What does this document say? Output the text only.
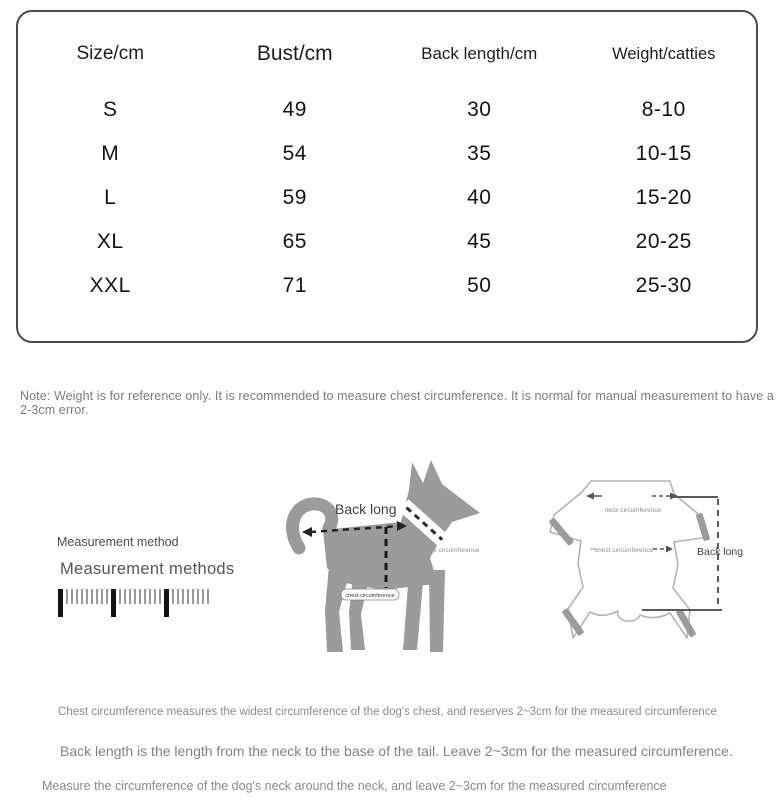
Size/cm	Bust/cm	Back length/cm	Weight/catties
S	49	30	8-10
M	54	35	10-15
L	59	40	15-20
XL	65	45	20-25
XXL	71	50	25-30

Note: Weight is for reference only. It is recommended to measure chest circumference. It is normal for manual measurement to have a 2-3cm error.

Measurement method
Measurement methods
Back long
chest circumference
neck circumference
neck circumference
chest circumference	Back long

Chest circumference measures the widest circumference of the dog's chest, and reserves 2~3cm for the measured circumference

Back length is the length from the neck to the base of the tail. Leave 2~3cm for the measured circumference.

Measure the circumference of the dog's neck around the neck, and leave 2~3cm for the measured circumference
